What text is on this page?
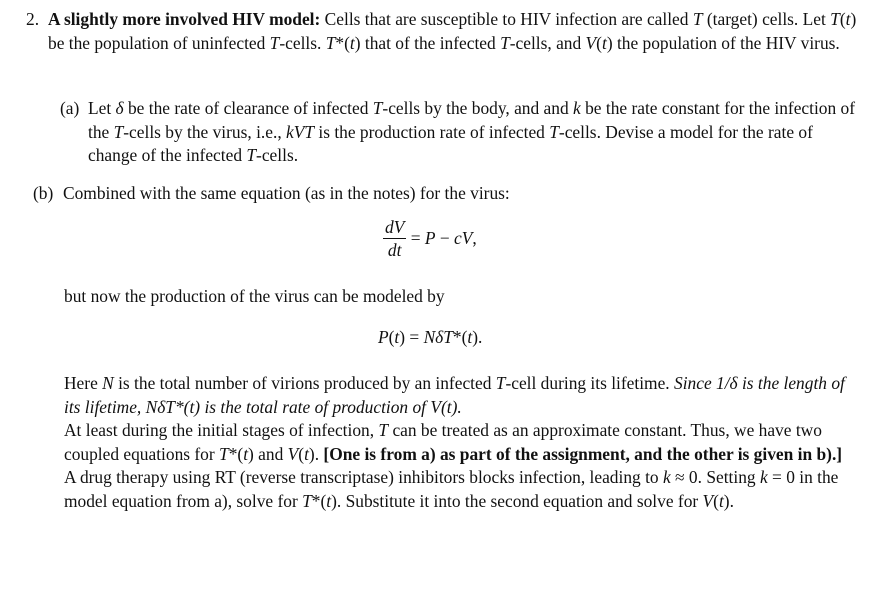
2. A slightly more involved HIV model: Cells that are susceptible to HIV infection are called T (target) cells. Let T(t) be the population of uninfected T-cells. T*(t) that of the infected T-cells, and V(t) the population of the HIV virus.

(a) Let δ be the rate of clearance of infected T-cells by the body, and and k be the rate constant for the infection of the T-cells by the virus, i.e., kVT is the production rate of infected T-cells. Devise a model for the rate of change of the infected T-cells.

(b) Combined with the same equation (as in the notes) for the virus:

$\frac{dV}{dt} = P$ − cV,

but now the production of the virus can be modeled by

P(t) = NδT*(t).

Here N is the total number of virions produced by an infected T-cell during its lifetime. Since 1/δ is the length of its lifetime, NδT*(t) is the total rate of production of V(t).

At least during the initial stages of infection, T can be treated as an approximate constant. Thus, we have two coupled equations for T*(t) and V(t). [One is from a) as part of the assignment, and the other is given in b).]

A drug therapy using RT (reverse transcriptase) inhibitors blocks infection, leading to k ≈ 0. Setting k = 0 in the model equation from a), solve for T*(t). Substitute it into the second equation and solve for V(t).
